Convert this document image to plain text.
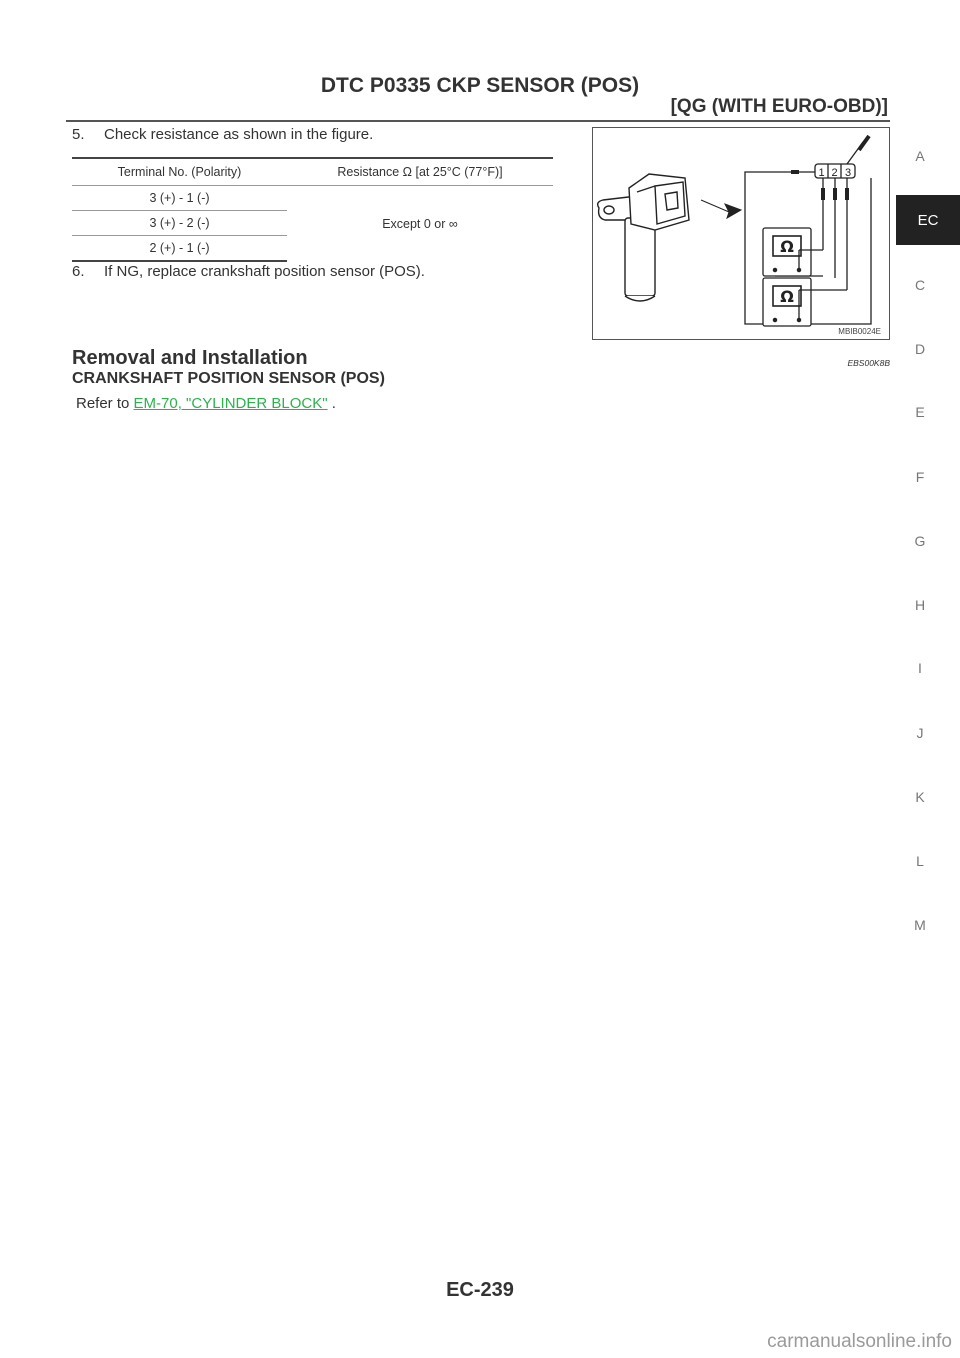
DTC P0335 CKP SENSOR (POS)
[QG (WITH EURO-OBD)]
5. Check resistance as shown in the figure.
Terminal No. (Polarity)	Resistance Ω [at 25°C (77°F)]
3 (+) - 1 (-)	Except 0 or ∞
3 (+) - 2 (-)	
2 (+) - 1 (-)	
6. If NG, replace crankshaft position sensor (POS).
1 2 3
Ω
Ω
MBIB0024E
Removal and Installation	EBS00K8B
CRANKSHAFT POSITION SENSOR (POS)
Refer to EM-70, "CYLINDER BLOCK" .
A
C
D
E
F
G
H
I
J
K
L
M
EC
EC-239
carmanualsonline.info
